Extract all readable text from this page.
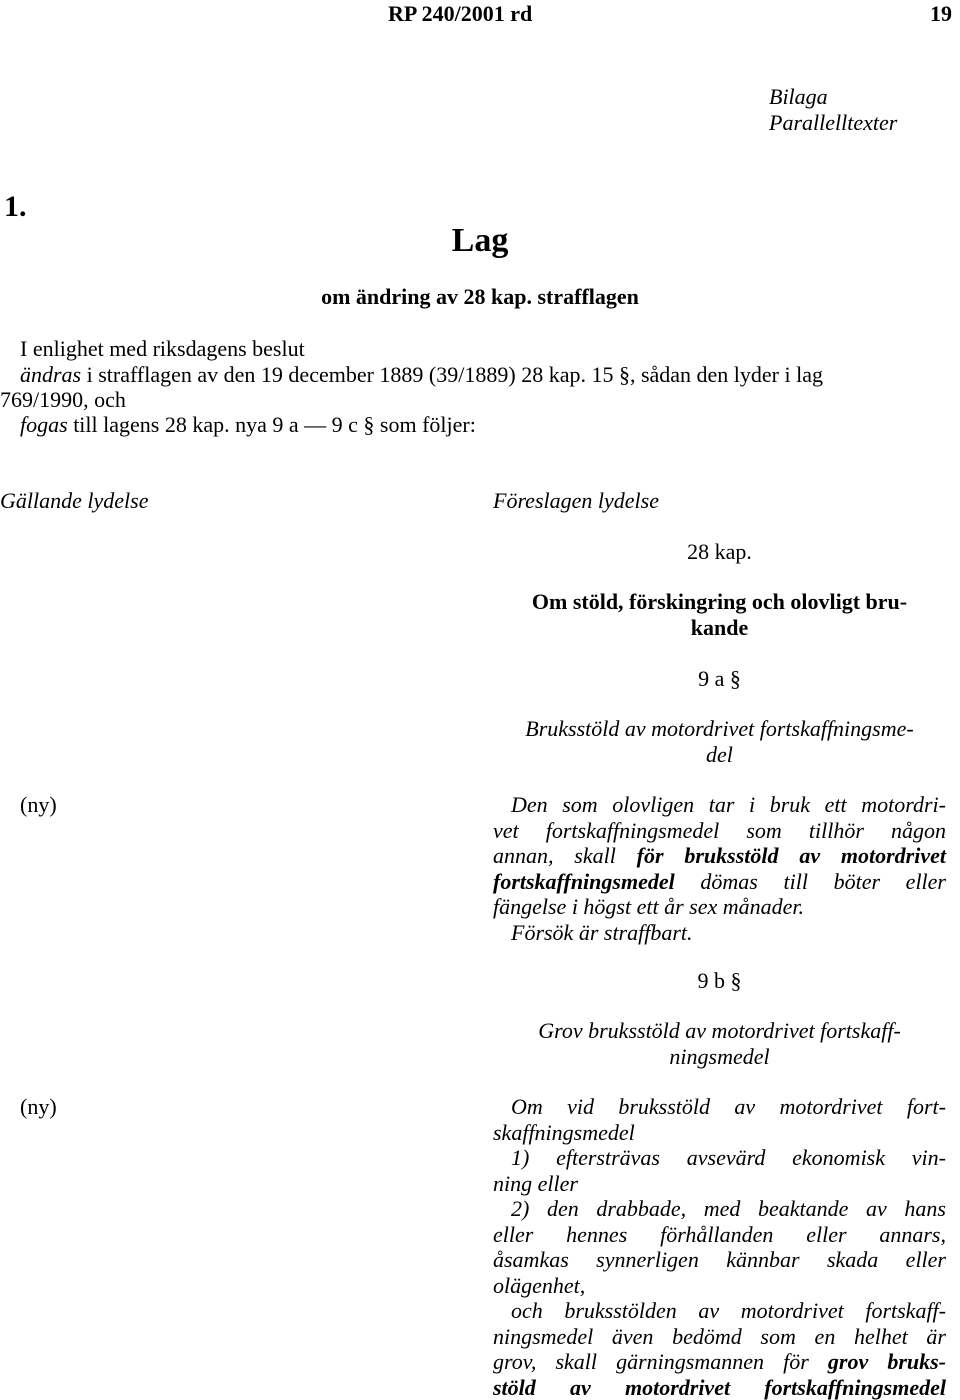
RP 240/2001 rd	19
Bilaga
Parallelltexter
1.
Lag
om ändring av 28 kap. strafflagen
I enlighet med riksdagens beslut
ändras i strafflagen av den 19 december 1889 (39/1889) 28 kap. 15 §, sådan den lyder i lag
769/1990, och
fogas till lagens 28 kap. nya 9 a — 9 c § som följer:
Gällande lydelse	Föreslagen lydelse
28 kap.
Om stöld, förskingring och olovligt bru-
kande
9 a §
Bruksstöld av motordrivet fortskaffningsme-
del
(ny)	Den som olovligen tar i bruk ett motordri-
vet fortskaffningsmedel som tillhör någon
annan, skall för bruksstöld av motordrivet
fortskaffningsmedel dömas till böter eller
fängelse i högst ett år sex månader.
Försök är straffbart.
9 b §
Grov bruksstöld av motordrivet fortskaff-
ningsmedel
(ny)	Om vid bruksstöld av motordrivet fort-
skaffningsmedel
1) eftersträvas avsevärd ekonomisk vin-
ning eller
2) den drabbade, med beaktande av hans
eller hennes förhållanden eller annars,
åsamkas synnerligen kännbar skada eller
olägenhet,
och bruksstölden av motordrivet fortskaff-
ningsmedel även bedömd som en helhet är
grov, skall gärningsmannen för grov bruks-
stöld av motordrivet fortskaffningsmedel
